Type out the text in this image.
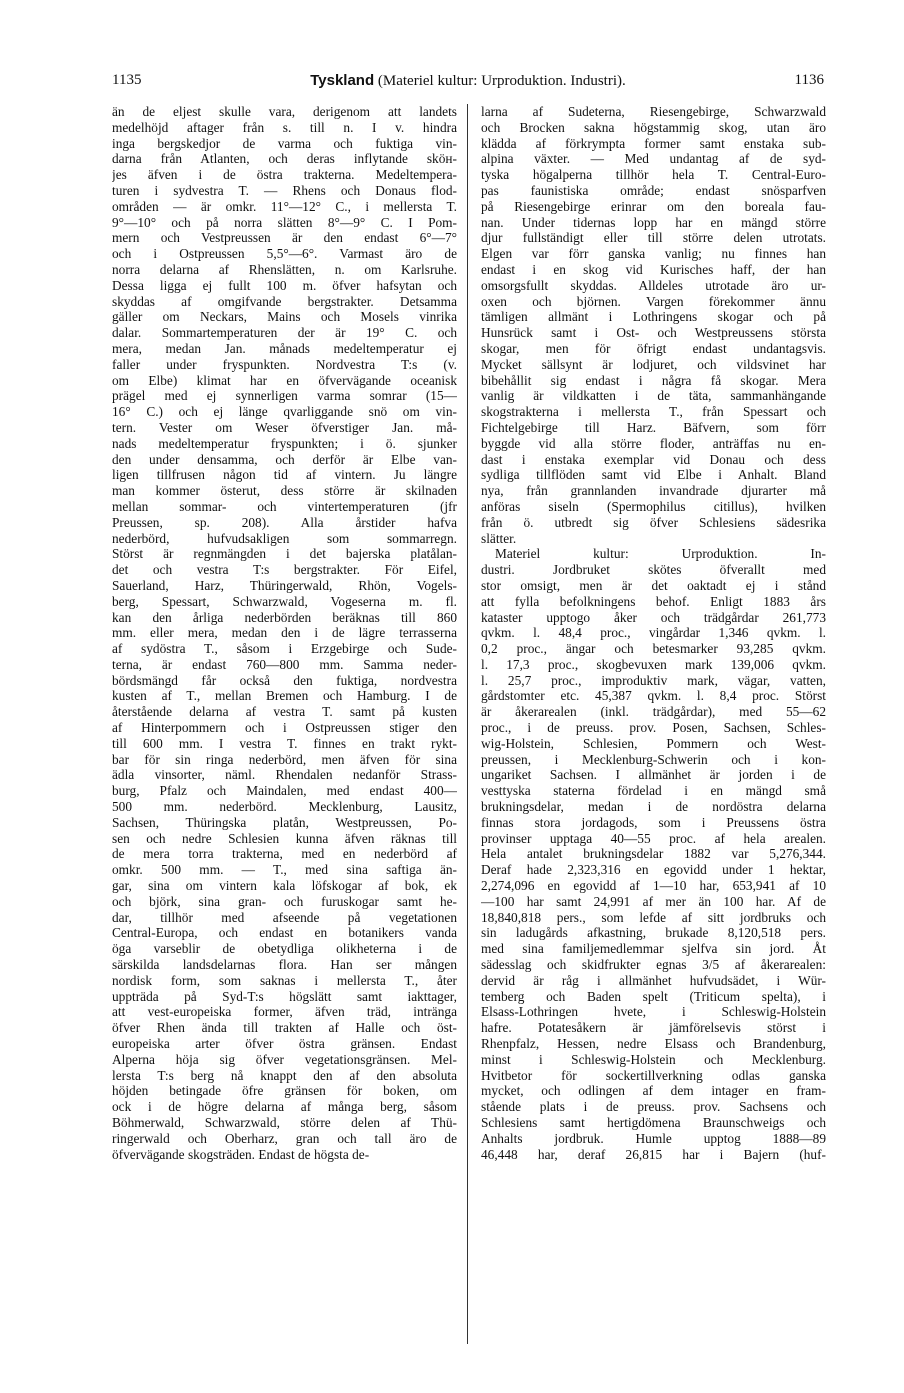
1135	Tyskland (Materiel kultur: Urproduktion. Industri).	1136
än de eljest skulle vara, derigenom att landets
medelhöjd aftager från s. till n. I v. hindra
inga bergskedjor de varma och fuktiga vin-
darna från Atlanten, och deras inflytande sköн-
jes äfven i de östra trakterna. Medeltempera-
turen i sydvestra T. — Rhens och Donaus flod-
områden — är omkr. 11°—12° C., i mellersta T.
9°—10° och på norra slätten 8°—9° C. I Pom-
mern och Vestpreussen är den endast 6°—7°
och i Ostpreussen 5,5°—6°. Varmast äro de
norra delarna af Rhenslätten, n. om Karlsruhe.
Dessa ligga ej fullt 100 m. öfver hafsytan och
skyddas af omgifvande bergstrakter. Detsamma
gäller om Neckars, Mains och Mosels vinrika
dalar. Sommartemperaturen der är 19° C. och
mera, medan Jan. månads medeltemperatur ej
faller under fryspunkten. Nordvestra T:s (v.
om Elbe) klimat har en öfvervägande oceanisk
prägel med ej synnerligen varma somrar (15—
16° C.) och ej länge qvarliggande snö om vin-
tern. Vester om Weser öfverstiger Jan. må-
nads medeltemperatur fryspunkten; i ö. sjunker
den under densamma, och derför är Elbe van-
ligen tillfrusen någon tid af vintern. Ju längre
man kommer österut, dess större är skilnaden
mellan sommar- och vintertemperaturen (jfr
Preussen, sp. 208). Alla årstider hafva
nederbörd, hufvudsakligen som sommarregn.
Störst är regnmängden i det bajerska platålan-
det och vestra T:s bergstrakter. För Eifel,
Sauerland, Harz, Thüringerwald, Rhön, Vogels-
berg, Spessart, Schwarzwald, Vogeserna m. fl.
kan den årliga nederbörden beräknas till 860
mm. eller mera, medan den i de lägre terrasserna
af sydöstra T., såsom i Erzgebirge och Sude-
terna, är endast 760—800 mm. Samma neder-
bördsmängd får också den fuktiga, nordvestra
kusten af T., mellan Bremen och Hamburg. I de
återstående delarna af vestra T. samt på kusten
af Hinterpommern och i Ostpreussen stiger den
till 600 mm. I vestra T. finnes en trakt rykt-
bar för sin ringa nederbörd, men äfven för sina
ädla vinsorter, näml. Rhendalen nedanför Strass-
burg, Pfalz och Maindalen, med endast 400—
500 mm. nederbörd. Mecklenburg, Lausitz,
Sachsen, Thüringska platån, Westpreussen, Po-
sen och nedre Schlesien kunna äfven räknas till
de mera torra trakterna, med en nederbörd af
omkr. 500 mm. — T., med sina saftiga än-
gar, sina om vintern kala löfskogar af bok, ek
och björk, sina gran- och furuskogar samt he-
dar, tillhör med afseende på vegetationen
Central-Europa, och endast en botanikers vanda
öga varseblir de obetydliga olikheterna i de
särskilda landsdelarnas flora. Han ser mången
nordisk form, som saknas i mellersta T., åter
uppträda på Syd-T:s högslätt samt iakttager,
att vest-europeiska former, äfven träd, intränga
öfver Rhen ända till trakten af Halle och öst-
europeiska arter öfver östra gränsen. Endast
Alperna höja sig öfver vegetationsgränsen. Mel-
lersta T:s berg nå knappt den af den absoluta
höjden betingade öfre gränsen för boken, om
ock i de högre delarna af många berg, såsom
Böhmerwald, Schwarzwald, större delen af Thü-
ringerwald och Oberharz, gran och tall äro de
öfvervägande skogsträden. Endast de högsta de-
larna af Sudeterna, Riesengebirge, Schwarzwald
och Brocken sakna högstammig skog, utan äro
klädda af förkrympta former samt enstaka sub-
alpina växter. — Med undantag af de syd-
tyska högalperna tillhör hela T. Central-Euro-
pas faunistiska område; endast snösparfven
på Riesengebirge erinrar om den boreala fau-
nan. Under tidernas lopp har en mängd större
djur fullständigt eller till större delen utrotats.
Elgen var förr ganska vanlig; nu finnes han
endast i en skog vid Kurisches haff, der han
omsorgsfullt skyddas. Alldeles utrotade äro ur-
oxen och björnen. Vargen förekommer ännu
tämligen allmänt i Lothringens skogar och på
Hunsrück samt i Ost- och Westpreussens största
skogar, men för öfrigt endast undantagsvis.
Mycket sällsynt är lodjuret, och vildsvinet har
bibehållit sig endast i några få skogar. Mera
vanlig är vildkatten i de täta, sammanhängande
skogstrakterna i mellersta T., från Spessart och
Fichtelgebirge till Harz. Bäfvern, som förr
byggde vid alla större floder, anträffas nu en-
dast i enstaka exemplar vid Donau och dess
sydliga tillflöden samt vid Elbe i Anhalt. Bland
nya, från grannlanden invandrade djurarter må
anföras siseln (Spermophilus citillus), hvilken
från ö. utbredt sig öfver Schlesiens sädesrika
slätter.
Materiel kultur: Urproduktion. In-
dustri. Jordbruket skötes öfverallt med
stor omsigt, men är det oaktadt ej i stånd
att fylla befolkningens behof. Enligt 1883 års
kataster upptogo åker och trädgårdar 261,773
qvkm. l. 48,4 proc., vingårdar 1,346 qvkm. l.
0,2 proc., ängar och betesmarker 93,285 qvkm.
l. 17,3 proc., skogbevuxen mark 139,006 qvkm.
l. 25,7 proc., improduktiv mark, vägar, vatten,
gårdstomter etc. 45,387 qvkm. l. 8,4 proc. Störst
är åkerarealen (inkl. trädgårdar), med 55—62
proc., i de preuss. prov. Posen, Sachsen, Schles-
wig-Holstein, Schlesien, Pommern och West-
preussen, i Mecklenburg-Schwerin och i kon-
ungariket Sachsen. I allmänhet är jorden i de
vesttyska staterna fördelad i en mängd små
brukningsdelar, medan i de nordöstra delarna
finnas stora jordagods, som i Preussens östra
provinser upptaga 40—55 proc. af hela arealen.
Hela antalet brukningsdelar 1882 var 5,276,344.
Deraf hade 2,323,316 en egovidd under 1 hektar,
2,274,096 en egovidd af 1—10 har, 653,941 af 10
—100 har samt 24,991 af mer än 100 har. Af de
18,840,818 pers., som lefde af sitt jordbruks och
sin ladugårds afkastning, brukade 8,120,518 pers.
med sina familjemedlemmar sjelfva sin jord. Åt
sädesslag och skidfrukter egnas 3/5 af åkerarealen:
dervid är råg i allmänhet hufvudsädet, i Wür-
temberg och Baden spelt (Triticum spelta), i
Elsass-Lothringen hvete, i Schleswig-Holstein
hafre. Potatesåkern är jämförelsevis störst i
Rhenpfalz, Hessen, nedre Elsass och Brandenburg,
minst i Schleswig-Holstein och Mecklenburg.
Hvitbetor för sockertillverkning odlas ganska
mycket, och odlingen af dem intager en fram-
stående plats i de preuss. prov. Sachsens och
Schlesiens samt hertigdömena Braunschweigs och
Anhalts jordbruk. Humle upptog 1888—89
46,448 har, deraf 26,815 har i Bajern (huf-
